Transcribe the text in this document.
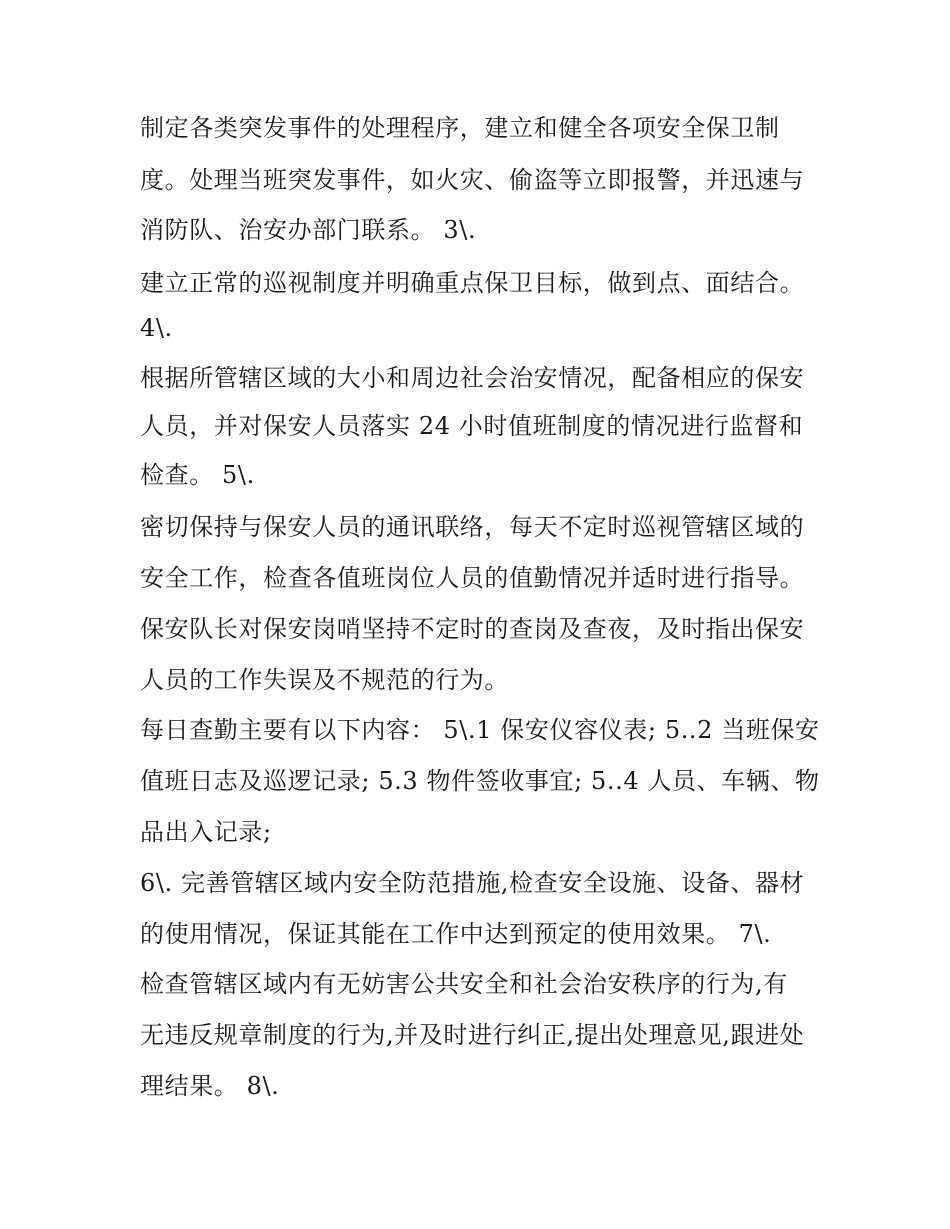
制定各类突发事件的处理程序，建立和健全各项安全保卫制
度。处理当班突发事件，如火灾、偷盗等立即报警，并迅速与
消防队、治安办部门联系。 3\.
建立正常的巡视制度并明确重点保卫目标，做到点、面结合。
4\.
根据所管辖区域的大小和周边社会治安情况，配备相应的保安
人员，并对保安人员落实 24 小时值班制度的情况进行监督和
检查。 5\.
密切保持与保安人员的通讯联络，每天不定时巡视管辖区域的
安全工作，检查各值班岗位人员的值勤情况并适时进行指导。
保安队长对保安岗哨坚持不定时的查岗及查夜，及时指出保安
人员的工作失误及不规范的行为。
每日查勤主要有以下内容： 5\.1 保安仪容仪表; 5..2 当班保安
值班日志及巡逻记录; 5.3 物件签收事宜; 5..4 人员、车辆、物
品出入记录;
6\. 完善管辖区域内安全防范措施,检查安全设施、设备、器材
的使用情况，保证其能在工作中达到预定的使用效果。 7\.
检查管辖区域内有无妨害公共安全和社会治安秩序的行为,有
无违反规章制度的行为,并及时进行纠正,提出处理意见,跟进处
理结果。 8\.
